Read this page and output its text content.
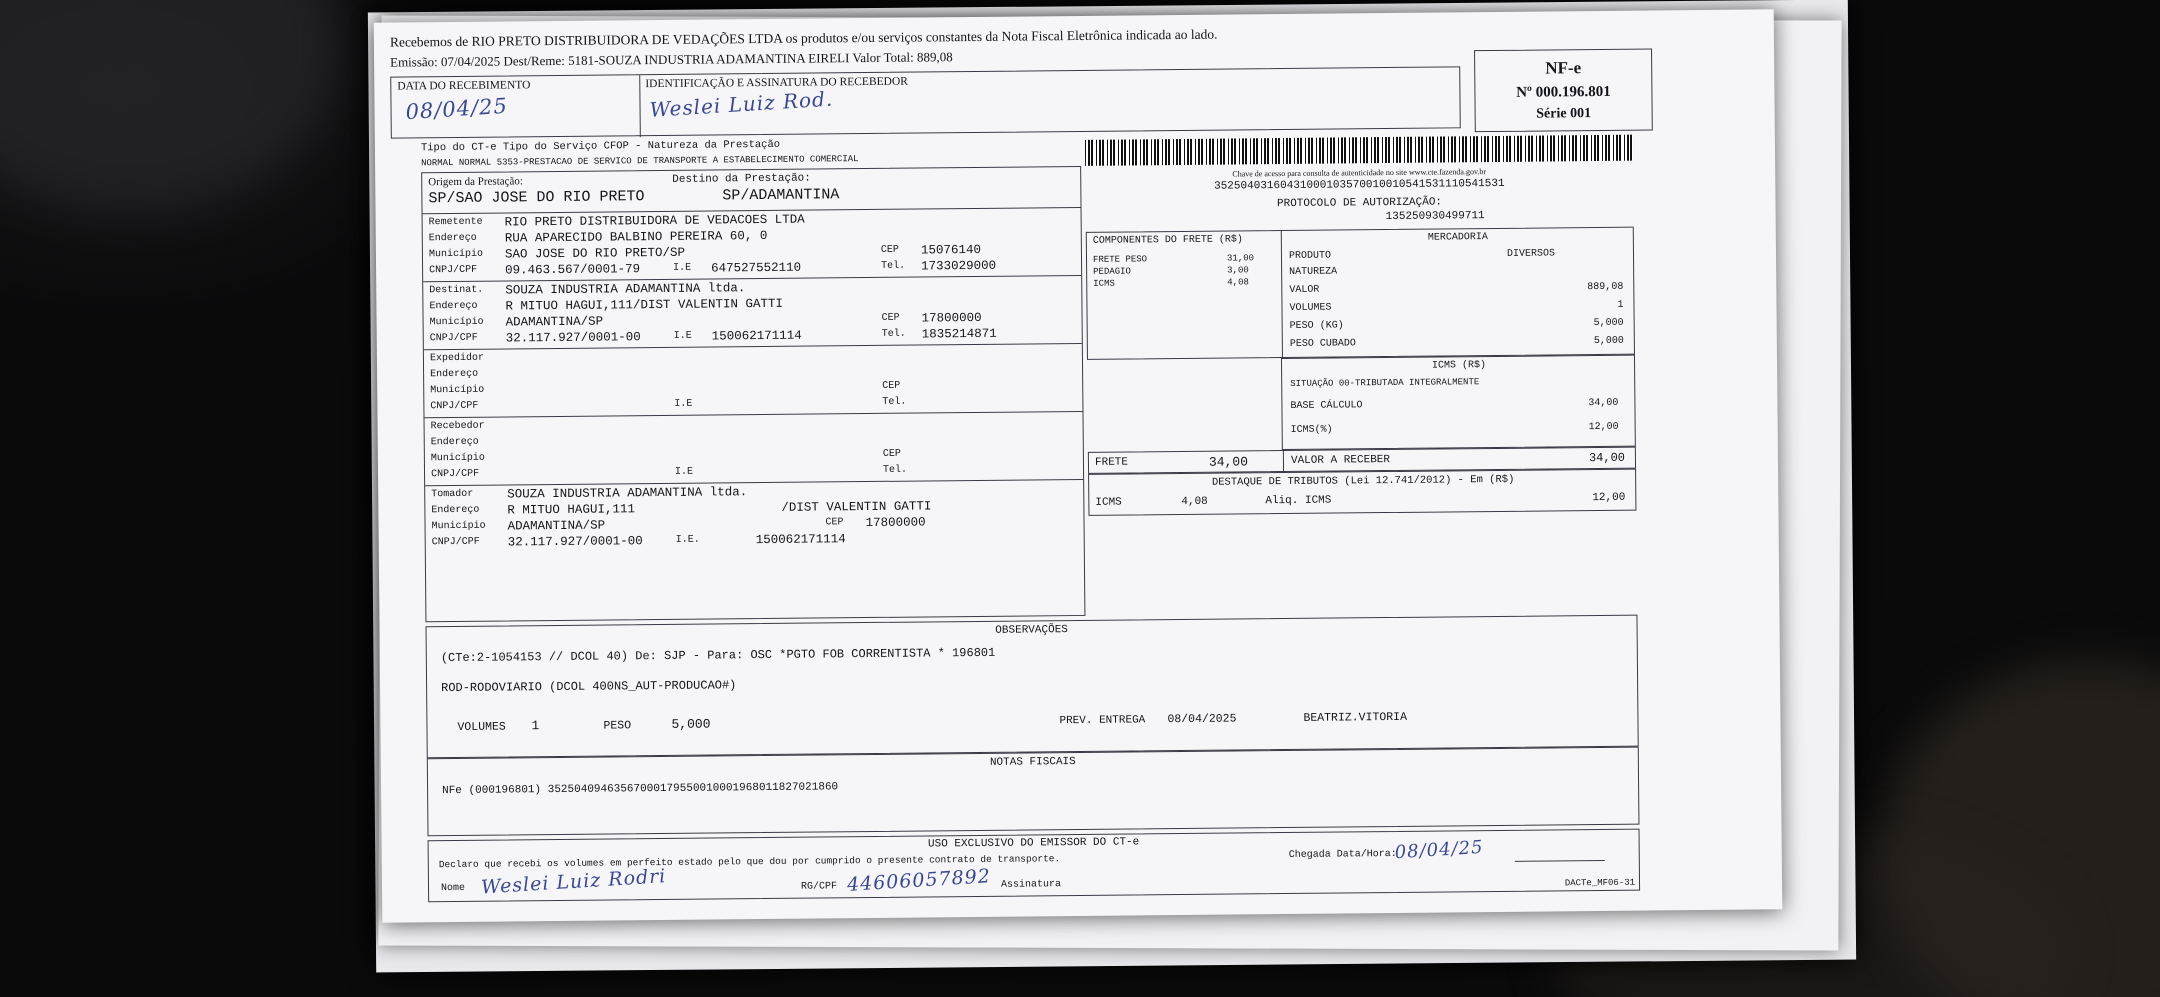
Recebemos de RIO PRETO DISTRIBUIDORA DE VEDAÇÕES LTDA os produtos e/ou serviços constantes da Nota Fiscal Eletrônica indicada ao lado.
Emissão: 07/04/2025 Dest/Reme: 5181-SOUZA INDUSTRIA ADAMANTINA EIRELI Valor Total: 889,08
DATA DO RECEBIMENTO	IDENTIFICAÇÃO E ASSINATURA DO RECEBEDOR
08/04/25	Weslei Luiz Rod.
NF-e
Nº 000.196.801
Série 001
Tipo do CT-e Tipo do Serviço CFOP - Natureza da Prestação
NORMAL NORMAL 5353-PRESTACAO DE SERVICO DE TRANSPORTE A ESTABELECIMENTO COMERCIAL
Origem da Prestação:	Destino da Prestação:
SP/SAO JOSE DO RIO PRETO	SP/ADAMANTINA
Remetente RIO PRETO DISTRIBUIDORA DE VEDACOES LTDA
Endereço RUA APARECIDO BALBINO PEREIRA 60, 0
Município SAO JOSE DO RIO PRETO/SP	CEP 15076140
CNPJ/CPF 09.463.567/0001-79	I.E 647527552110	Tel. 1733029000
Destinat. SOUZA INDUSTRIA ADAMANTINA ltda.
Endereço R MITUO HAGUI,111/DIST VALENTIN GATTI
Município ADAMANTINA/SP	CEP 17800000
CNPJ/CPF 32.117.927/0001-00	I.E 150062171114	Tel. 1835214871
Expedidor
Endereço
Município	CEP
CNPJ/CPF	I.E	Tel.
Recebedor
Endereço
Município	CEP
CNPJ/CPF	I.E	Tel.
Tomador	SOUZA INDUSTRIA ADAMANTINA ltda.
Endereço R MITUO HAGUI,111	/DIST VALENTIN GATTI
Município ADAMANTINA/SP	CEP 17800000
CNPJ/CPF 32.117.927/0001-00	I.E.	150062171114
Chave de acesso para consulta de autenticidade no site www.cte.fazenda.gov.br
35250403160431000103570010010541531110541531
PROTOCOLO DE AUTORIZAÇÃO:
135250930499711
COMPONENTES DO FRETE (R$)
FRETE PESO	31,00
PEDAGIO	3,00
ICMS	4,08
MERCADORIA
PRODUTO	DIVERSOS
NATUREZA
VALOR	889,08
VOLUMES	1
PESO (KG)	5,000
PESO CUBADO	5,000
ICMS (R$)
SITUAÇÃO 00-TRIBUTADA INTEGRALMENTE
BASE CÁLCULO	34,00
ICMS(%)	12,00
FRETE	34,00	VALOR A RECEBER	34,00
DESTAQUE DE TRIBUTOS (Lei 12.741/2012) - Em (R$)
ICMS	4,08	Aliq. ICMS	12,00
OBSERVAÇÕES
(CTe:2-1054153 // DCOL 40) De: SJP - Para: OSC *PGTO FOB CORRENTISTA * 196801
ROD-RODOVIARIO (DCOL 400NS_AUT-PRODUCAO#)
VOLUMES 1	PESO	5,000	PREV. ENTREGA 08/04/2025	BEATRIZ.VITORIA
NOTAS FISCAIS
NFe (000196801) 35250409463567000179550010001968011827021860
USO EXCLUSIVO DO EMISSOR DO CT-e
Declaro que recebi os volumes em perfeito estado pelo que dou por cumprido o presente contrato de transporte.	Chegada Data/Hora:
08/04/25
Nome Weslei Luiz Rodri	RG/CPF 44606057892 Assinatura	DACTe_MF06-31
